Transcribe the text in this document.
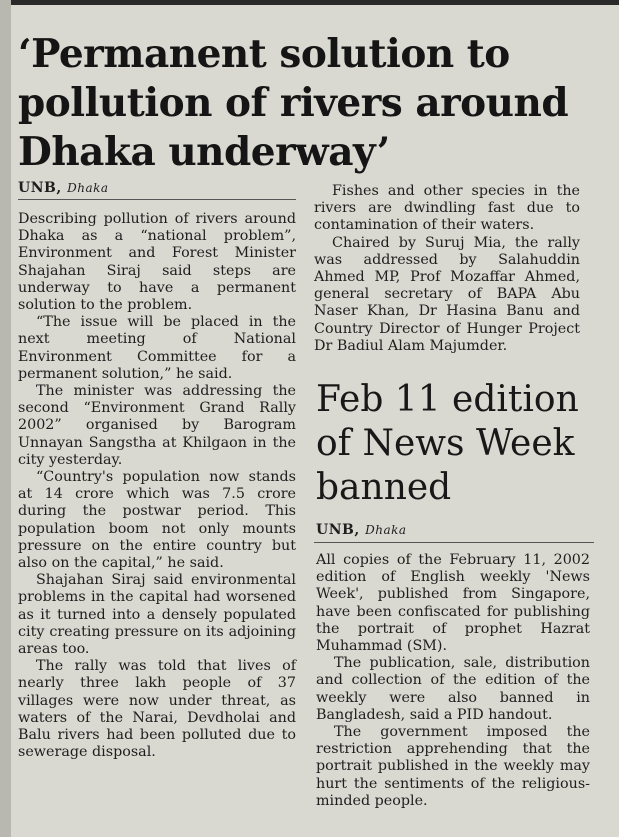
‘Permanent solution to pollution of rivers around Dhaka underway’
UNB, Dhaka

Describing pollution of rivers around Dhaka as a “national problem”, Environment and Forest Minister Shajahan Siraj said steps are underway to have a permanent solution to the problem.

“The issue will be placed in the next meeting of National Environment Committee for a permanent solution,” he said.

The minister was addressing the second “Environment Grand Rally 2002” organised by Barogram Unnayan Sangstha at Khilgaon in the city yesterday.

“Country's population now stands at 14 crore which was 7.5 crore during the postwar period. This population boom not only mounts pressure on the entire country but also on the capital,” he said.

Shajahan Siraj said environmental problems in the capital had worsened as it turned into a densely populated city creating pressure on its adjoining areas too.

The rally was told that lives of nearly three lakh people of 37 villages were now under threat, as waters of the Narai, Devdholai and Balu rivers had been polluted due to sewerage disposal.

Fishes and other species in the rivers are dwindling fast due to contamination of their waters.

Chaired by Suruj Mia, the rally was addressed by Salahuddin Ahmed MP, Prof Mozaffar Ahmed, general secretary of BAPA Abu Naser Khan, Dr Hasina Banu and Country Director of Hunger Project Dr Badiul Alam Majumder.

Feb 11 edition of News Week banned
UNB, Dhaka

All copies of the February 11, 2002 edition of English weekly 'News Week', published from Singapore, have been confiscated for publishing the portrait of prophet Hazrat Muhammad (SM).

The publication, sale, distribution and collection of the edition of the weekly were also banned in Bangladesh, said a PID handout.

The government imposed the restriction apprehending that the portrait published in the weekly may hurt the sentiments of the religious-minded people.
